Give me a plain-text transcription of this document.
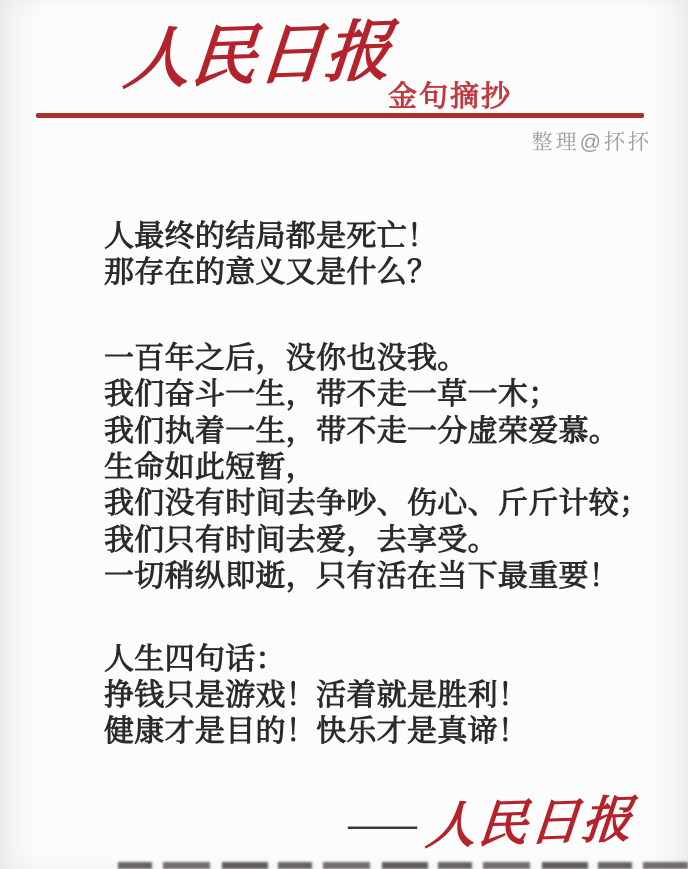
人民日报
金句摘抄
整理@抔抔

人最终的结局都是死亡！
那存在的意义又是什么？

一百年之后，没你也没我。
我们奋斗一生，带不走一草一木；
我们执着一生，带不走一分虚荣爱慕。
生命如此短暂，
我们没有时间去争吵、伤心、斤斤计较；
我们只有时间去爱，去享受。
一切稍纵即逝，只有活在当下最重要！

人生四句话：
挣钱只是游戏！活着就是胜利！
健康才是目的！快乐才是真谛！

—— 人民日报
